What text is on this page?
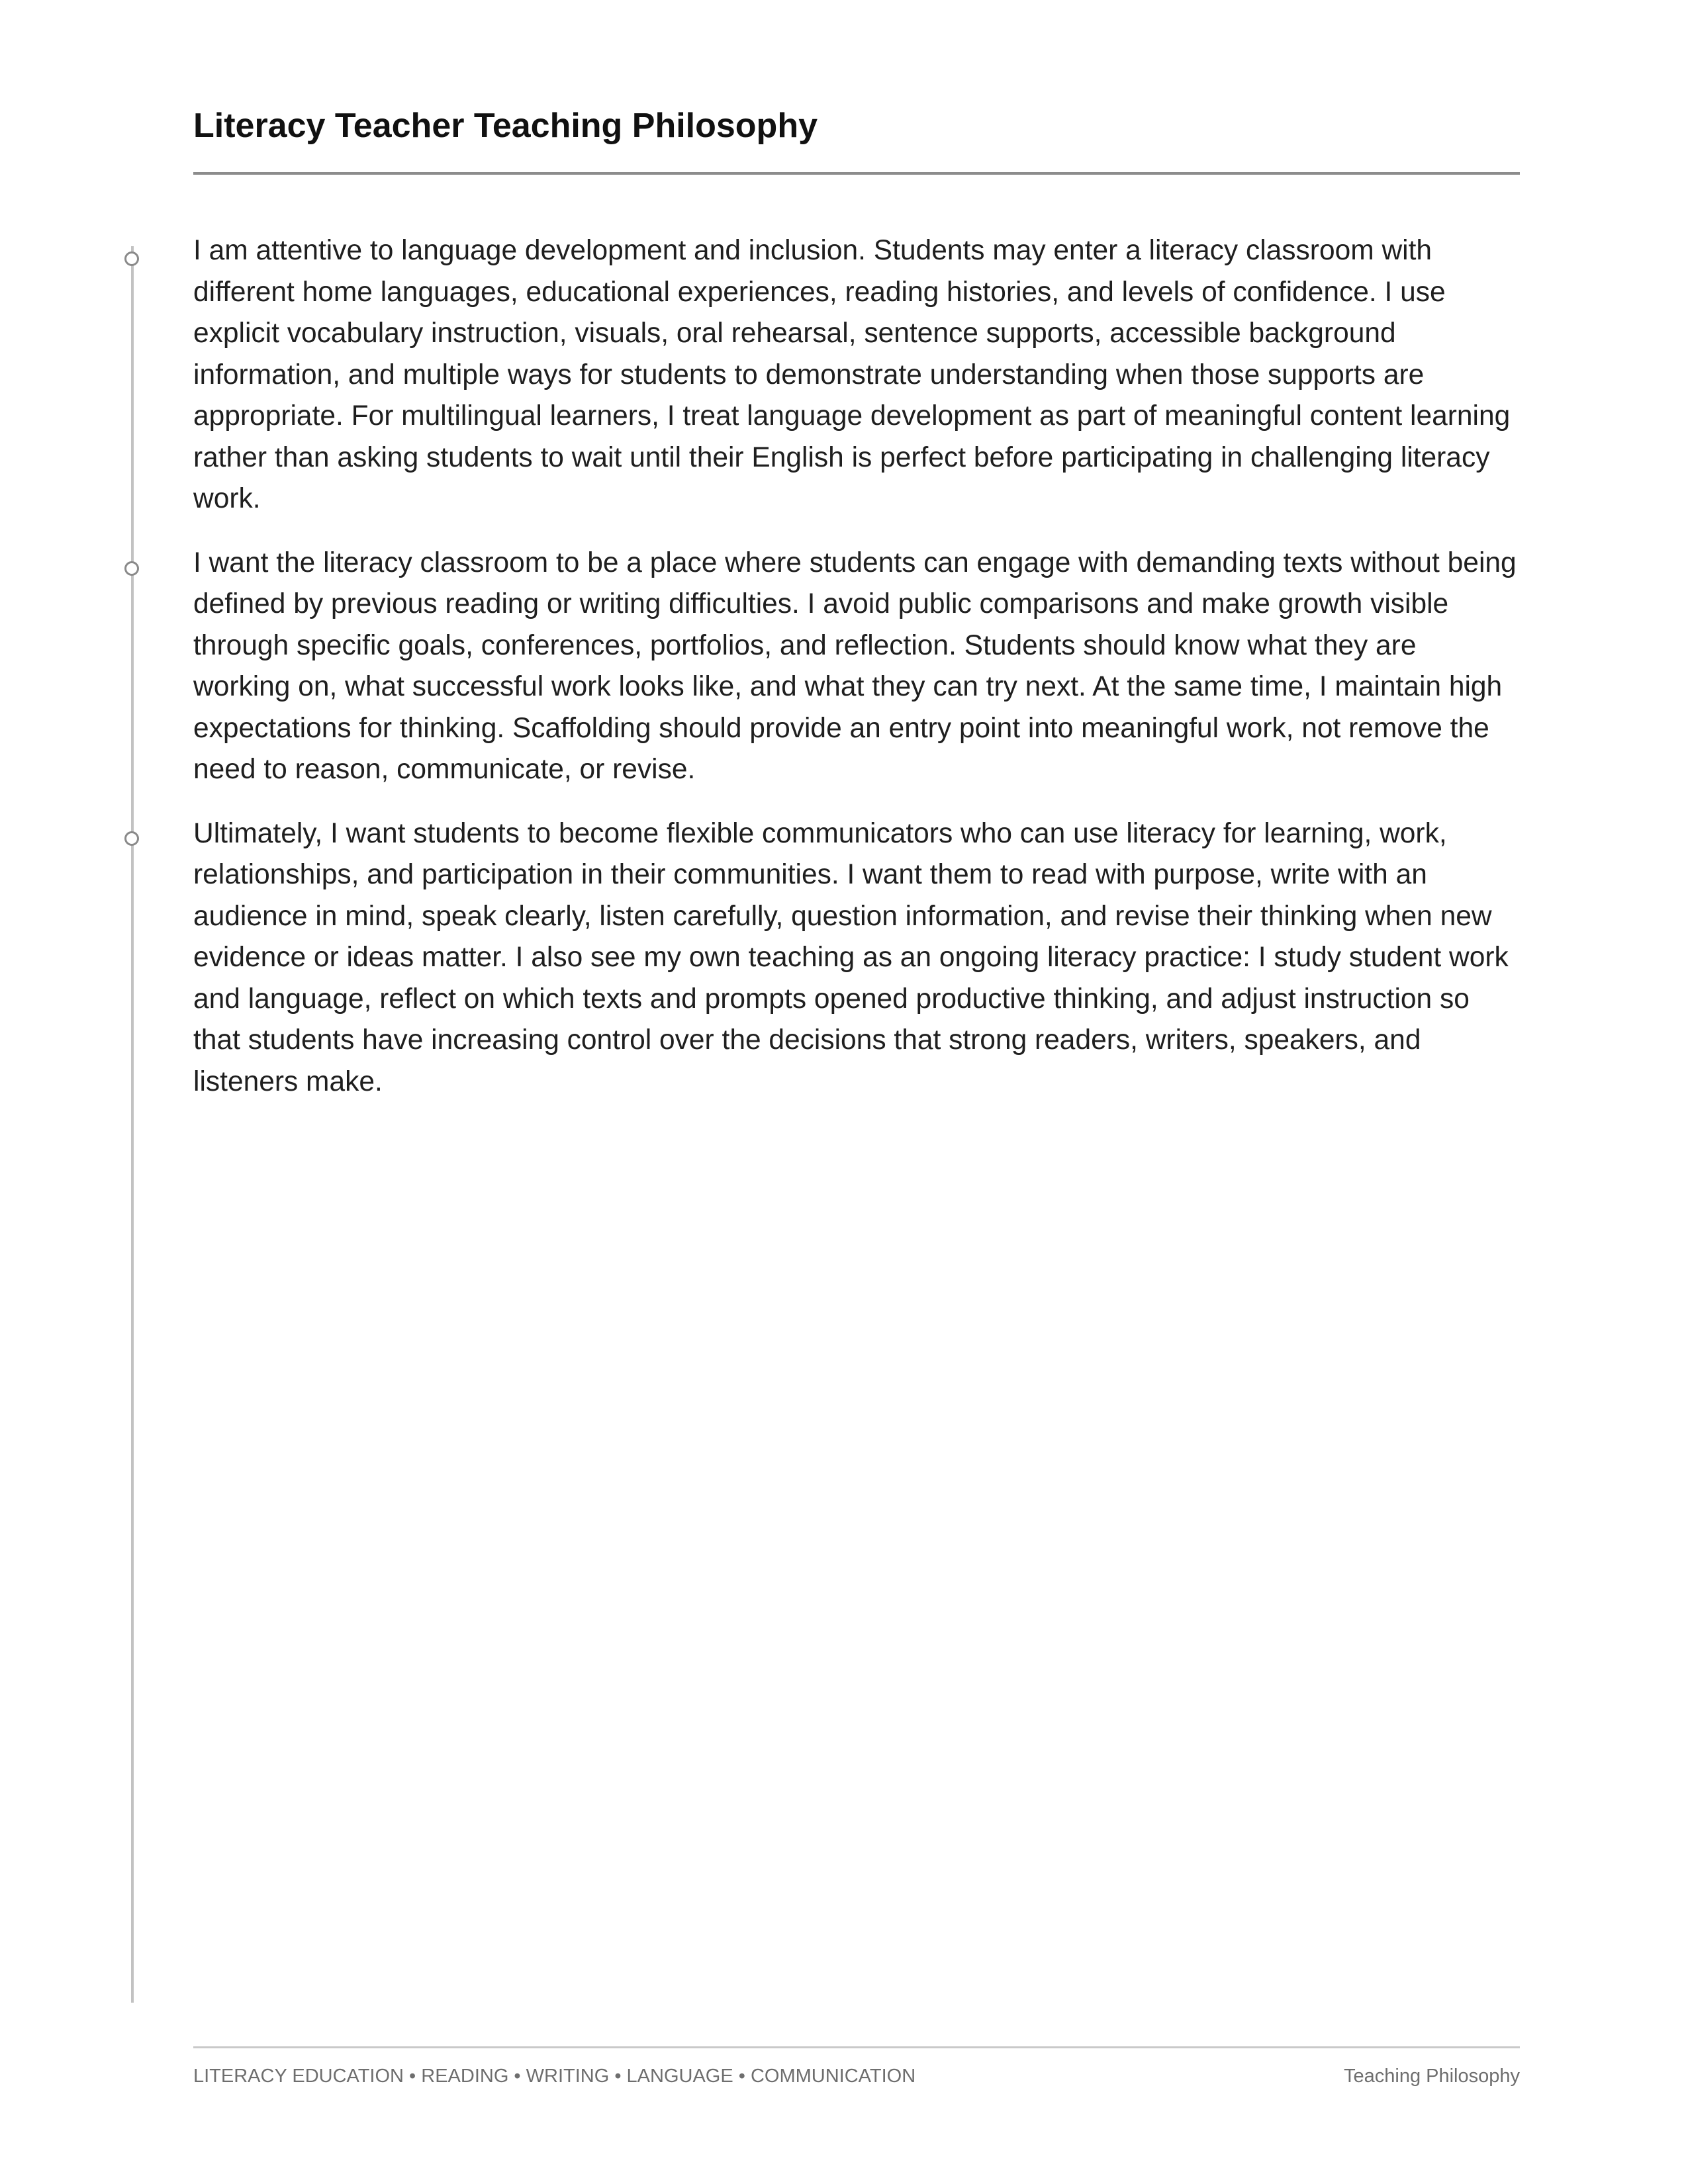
Literacy Teacher Teaching Philosophy

I am attentive to language development and inclusion. Students may enter a literacy classroom with different home languages, educational experiences, reading histories, and levels of confidence. I use explicit vocabulary instruction, visuals, oral rehearsal, sentence supports, accessible background information, and multiple ways for students to demonstrate understanding when those supports are appropriate. For multilingual learners, I treat language development as part of meaningful content learning rather than asking students to wait until their English is perfect before participating in challenging literacy work.

I want the literacy classroom to be a place where students can engage with demanding texts without being defined by previous reading or writing difficulties. I avoid public comparisons and make growth visible through specific goals, conferences, portfolios, and reflection. Students should know what they are working on, what successful work looks like, and what they can try next. At the same time, I maintain high expectations for thinking. Scaffolding should provide an entry point into meaningful work, not remove the need to reason, communicate, or revise.

Ultimately, I want students to become flexible communicators who can use literacy for learning, work, relationships, and participation in their communities. I want them to read with purpose, write with an audience in mind, speak clearly, listen carefully, question information, and revise their thinking when new evidence or ideas matter. I also see my own teaching as an ongoing literacy practice: I study student work and language, reflect on which texts and prompts opened productive thinking, and adjust instruction so that students have increasing control over the decisions that strong readers, writers, speakers, and listeners make.

LITERACY EDUCATION • READING • WRITING • LANGUAGE • COMMUNICATION	Teaching Philosophy
